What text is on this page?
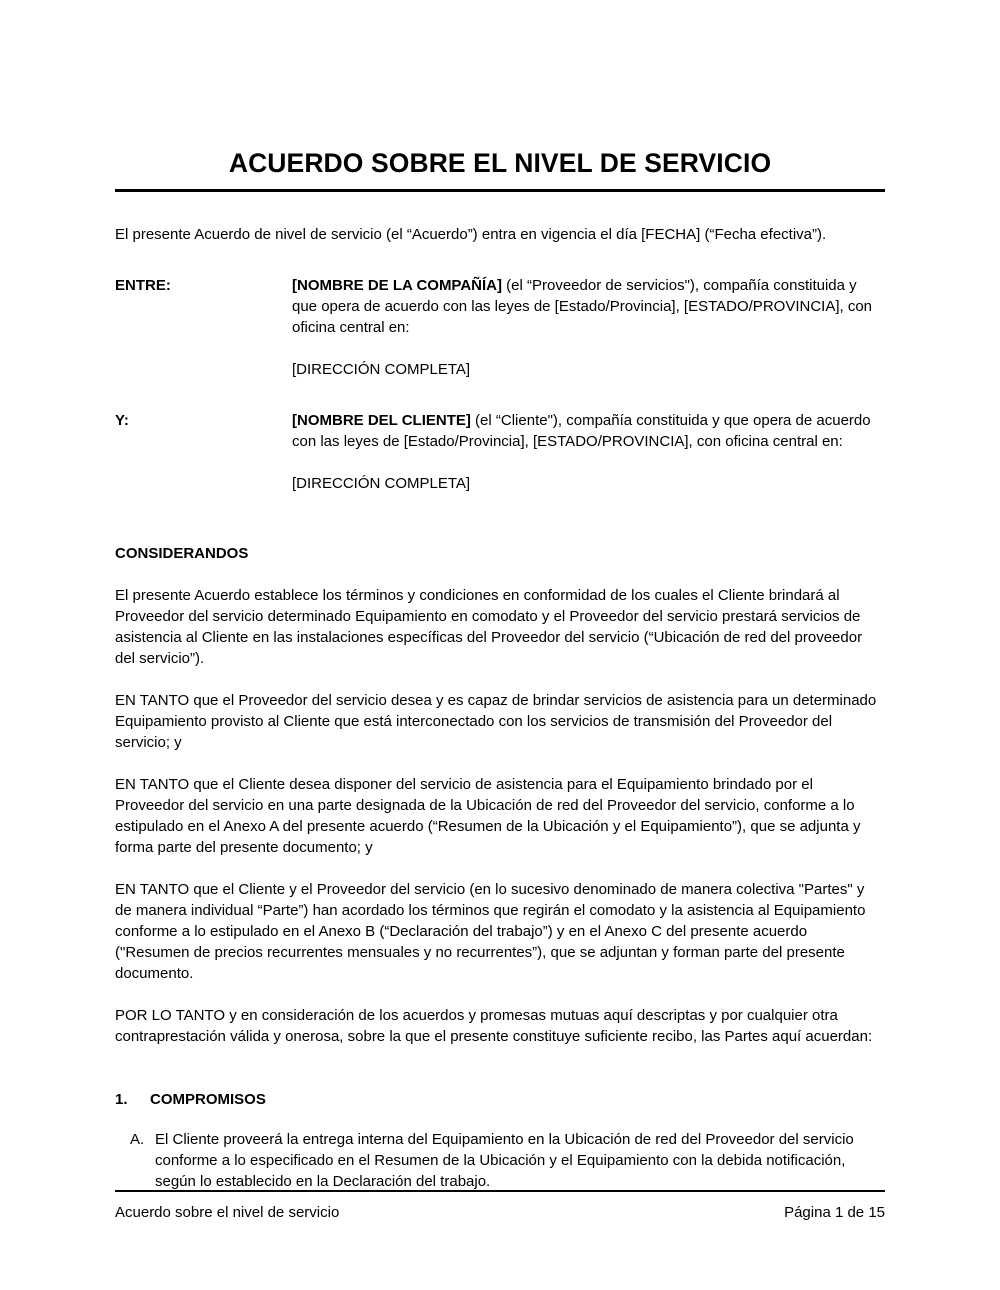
ACUERDO SOBRE EL NIVEL DE SERVICIO

El presente Acuerdo de nivel de servicio (el “Acuerdo”) entra en vigencia el día [FECHA] (“Fecha efectiva”).

ENTRE:	[NOMBRE DE LA COMPAÑÍA] (el “Proveedor de servicios"), compañía constituida y que opera de acuerdo con las leyes de [Estado/Provincia], [ESTADO/PROVINCIA], con oficina central en:
[DIRECCIÓN COMPLETA]

Y:	[NOMBRE DEL CLIENTE] (el “Cliente"), compañía constituida y que opera de acuerdo con las leyes de [Estado/Provincia], [ESTADO/PROVINCIA], con oficina central en:
[DIRECCIÓN COMPLETA]
CONSIDERANDOS

El presente Acuerdo establece los términos y condiciones en conformidad de los cuales el Cliente brindará al Proveedor del servicio determinado Equipamiento en comodato y el Proveedor del servicio prestará servicios de asistencia al Cliente en las instalaciones específicas del Proveedor del servicio (“Ubicación de red del proveedor del servicio”).

EN TANTO que el Proveedor del servicio desea y es capaz de brindar servicios de asistencia para un determinado Equipamiento provisto al Cliente que está interconectado con los servicios de transmisión del Proveedor del servicio; y

EN TANTO que el Cliente desea disponer del servicio de asistencia para el Equipamiento brindado por el Proveedor del servicio en una parte designada de la Ubicación de red del Proveedor del servicio, conforme a lo estipulado en el Anexo A del presente acuerdo (“Resumen de la Ubicación y el Equipamiento”), que se adjunta y forma parte del presente documento; y

EN TANTO que el Cliente y el Proveedor del servicio (en lo sucesivo denominado de manera colectiva "Partes" y de manera individual “Parte”) han acordado los términos que regirán el comodato y la asistencia al Equipamiento conforme a lo estipulado en el Anexo B (“Declaración del trabajo”) y en el Anexo C del presente acuerdo ("Resumen de precios recurrentes mensuales y no recurrentes”), que se adjuntan y forman parte del presente documento.

POR LO TANTO y en consideración de los acuerdos y promesas mutuas aquí descriptas y por cualquier otra contraprestación válida y onerosa, sobre la que el presente constituye suficiente recibo, las Partes aquí acuerdan:

1.	COMPROMISOS
A. El Cliente proveerá la entrega interna del Equipamiento en la Ubicación de red del Proveedor del servicio conforme a lo especificado en el Resumen de la Ubicación y el Equipamiento con la debida notificación, según lo establecido en la Declaración del trabajo.
Acuerdo sobre el nivel de servicio	Página 1 de 15
